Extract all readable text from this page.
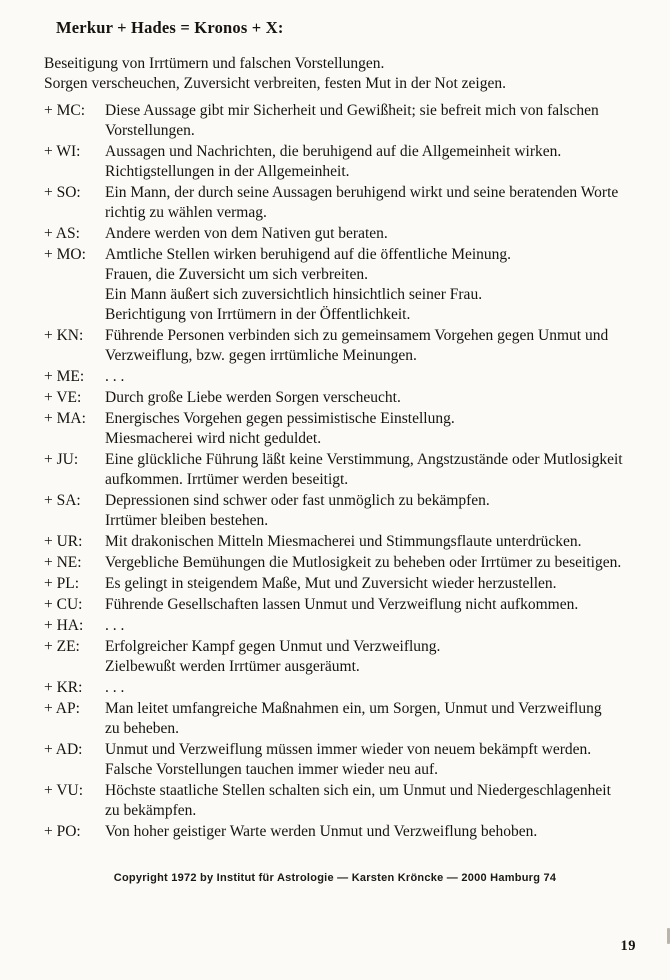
Merkur + Hades = Kronos + X:
Beseitigung von Irrtümern und falschen Vorstellungen.
Sorgen verscheuchen, Zuversicht verbreiten, festen Mut in der Not zeigen.
+ MC:	Diese Aussage gibt mir Sicherheit und Gewißheit; sie befreit mich von falschen
Vorstellungen.
+ WI:	Aussagen und Nachrichten, die beruhigend auf die Allgemeinheit wirken.
Richtigstellungen in der Allgemeinheit.
+ SO:	Ein Mann, der durch seine Aussagen beruhigend wirkt und seine beratenden Worte
richtig zu wählen vermag.
+ AS:	Andere werden von dem Nativen gut beraten.
+ MO:	Amtliche Stellen wirken beruhigend auf die öffentliche Meinung.
Frauen, die Zuversicht um sich verbreiten.
Ein Mann äußert sich zuversichtlich hinsichtlich seiner Frau.
Berichtigung von Irrtümern in der Öffentlichkeit.
+ KN:	Führende Personen verbinden sich zu gemeinsamem Vorgehen gegen Unmut und
Verzweiflung, bzw. gegen irrtümliche Meinungen.
+ ME:	. . .
+ VE:	Durch große Liebe werden Sorgen verscheucht.
+ MA:	Energisches Vorgehen gegen pessimistische Einstellung.
Miesmacherei wird nicht geduldet.
+ JU:	Eine glückliche Führung läßt keine Verstimmung, Angstzustände oder Mutlosigkeit
aufkommen. Irrtümer werden beseitigt.
+ SA:	Depressionen sind schwer oder fast unmöglich zu bekämpfen.
Irrtümer bleiben bestehen.
+ UR:	Mit drakonischen Mitteln Miesmacherei und Stimmungsflaute unterdrücken.
+ NE:	Vergebliche Bemühungen die Mutlosigkeit zu beheben oder Irrtümer zu beseitigen.
+ PL:	Es gelingt in steigendem Maße, Mut und Zuversicht wieder herzustellen.
+ CU:	Führende Gesellschaften lassen Unmut und Verzweiflung nicht aufkommen.
+ HA:	. . .
+ ZE:	Erfolgreicher Kampf gegen Unmut und Verzweiflung.
Zielbewußt werden Irrtümer ausgeräumt.
+ KR:	. . .
+ AP:	Man leitet umfangreiche Maßnahmen ein, um Sorgen, Unmut und Verzweiflung
zu beheben.
+ AD:	Unmut und Verzweiflung müssen immer wieder von neuem bekämpft werden.
Falsche Vorstellungen tauchen immer wieder neu auf.
+ VU:	Höchste staatliche Stellen schalten sich ein, um Unmut und Niedergeschlagenheit
zu bekämpfen.
+ PO:	Von hoher geistiger Warte werden Unmut und Verzweiflung behoben.
Copyright 1972 by Institut für Astrologie — Karsten Kröncke — 2000 Hamburg 74
19
